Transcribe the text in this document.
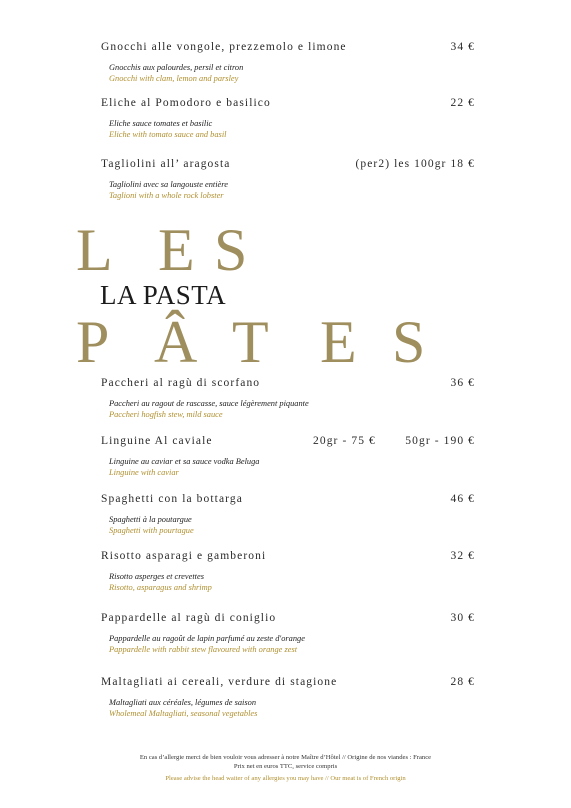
Gnocchi alle vongole, prezzemolo e limone	34 €
Gnocchis aux palourdes, persil et citron
Gnocchi with clam, lemon and parsley
Eliche al Pomodoro e basilico	22 €
Eliche sauce tomates et basilic
Eliche with tomato sauce and basil
Tagliolini all’ aragosta	(per2) les 100gr 18 €
Tagliolini avec sa langouste entière
Taglioni with a whole rock lobster
L E S
LA PASTA
P Â T E S
Paccheri al ragù di scorfano	36 €
Paccheri au ragout de rascasse, sauce légèrement piquante
Paccheri hogfish stew, mild sauce
Linguine Al caviale	20gr - 75 €	50gr - 190 €
Linguine au caviar et sa sauce vodka Beluga
Linguine with caviar
Spaghetti con la bottarga	46 €
Spaghetti à la poutargue
Spaghetti with pourtague
Risotto asparagi e gamberoni	32 €
Risotto asperges et crevettes
Risotto, asparagus and shrimp
Pappardelle al ragù di coniglio	30 €
Pappardelle au ragoût de lapin parfumé au zeste d'orange
Pappardelle with rabbit stew flavoured with orange zest
Maltagliati ai cereali, verdure di stagione	28 €
Maltagliati aux céréales, légumes de saison
Wholemeal Maltagliati, seasonal vegetables
En cas d’allergie merci de bien vouloir vous adresser à notre Maître d’Hôtel // Origine de nos viandes : France
Prix net en euros TTC, service compris
Please advise the head waiter of any allergies you may have // Our meat is of French origin
